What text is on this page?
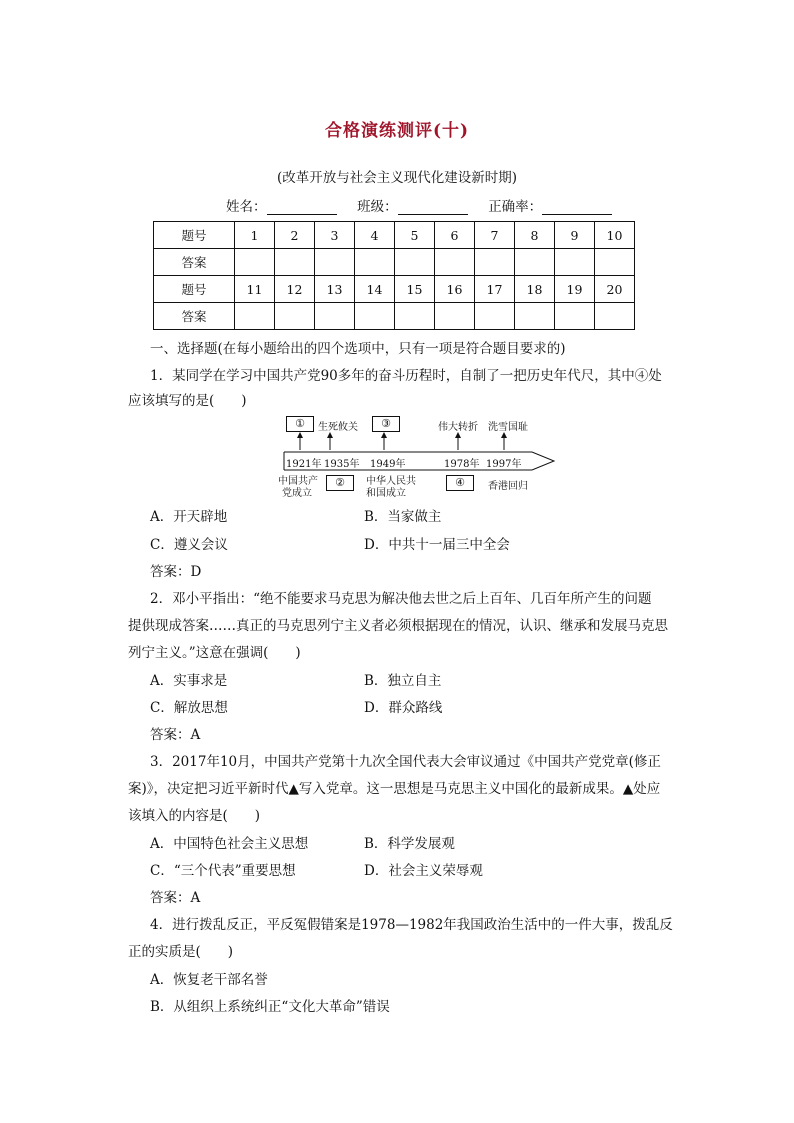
合格演练测评(十)
(改革开放与社会主义现代化建设新时期)
姓名：	班级：	正确率：
题号	1	2	3	4	5	6	7	8	9	10
答案										
题号	11	12	13	14	15	16	17	18	19	20
答案										
一、选择题(在每小题给出的四个选项中，只有一项是符合题目要求的)
1．某同学在学习中国共产党90多年的奋斗历程时，自制了一把历史年代尺，其中④处
应该填写的是(　　)
①	生死攸关	③	伟大转折 洗雪国耻
1921年 1935年 1949年	1978年 1997年
中国共产
党成立
②	中华人民共
和国成立
④	香港回归
A．开天辟地	B．当家做主
C．遵义会议	D．中共十一届三中全会
答案：D
2．邓小平指出：“绝不能要求马克思为解决他去世之后上百年、几百年所产生的问题
提供现成答案……真正的马克思列宁主义者必须根据现在的情况，认识、继承和发展马克思
列宁主义。”这意在强调(　　)
A．实事求是	B．独立自主
C．解放思想	D．群众路线
答案：A
3．2017年10月，中国共产党第十九次全国代表大会审议通过《中国共产党党章(修正
案)》，决定把习近平新时代▲写入党章。这一思想是马克思主义中国化的最新成果。▲处应
该填入的内容是(　　)
A．中国特色社会主义思想	B．科学发展观
C．“三个代表”重要思想	D．社会主义荣辱观
答案：A
4．进行拨乱反正，平反冤假错案是1978—1982年我国政治生活中的一件大事，拨乱反
正的实质是(　　)
A．恢复老干部名誉
B．从组织上系统纠正“文化大革命”错误
